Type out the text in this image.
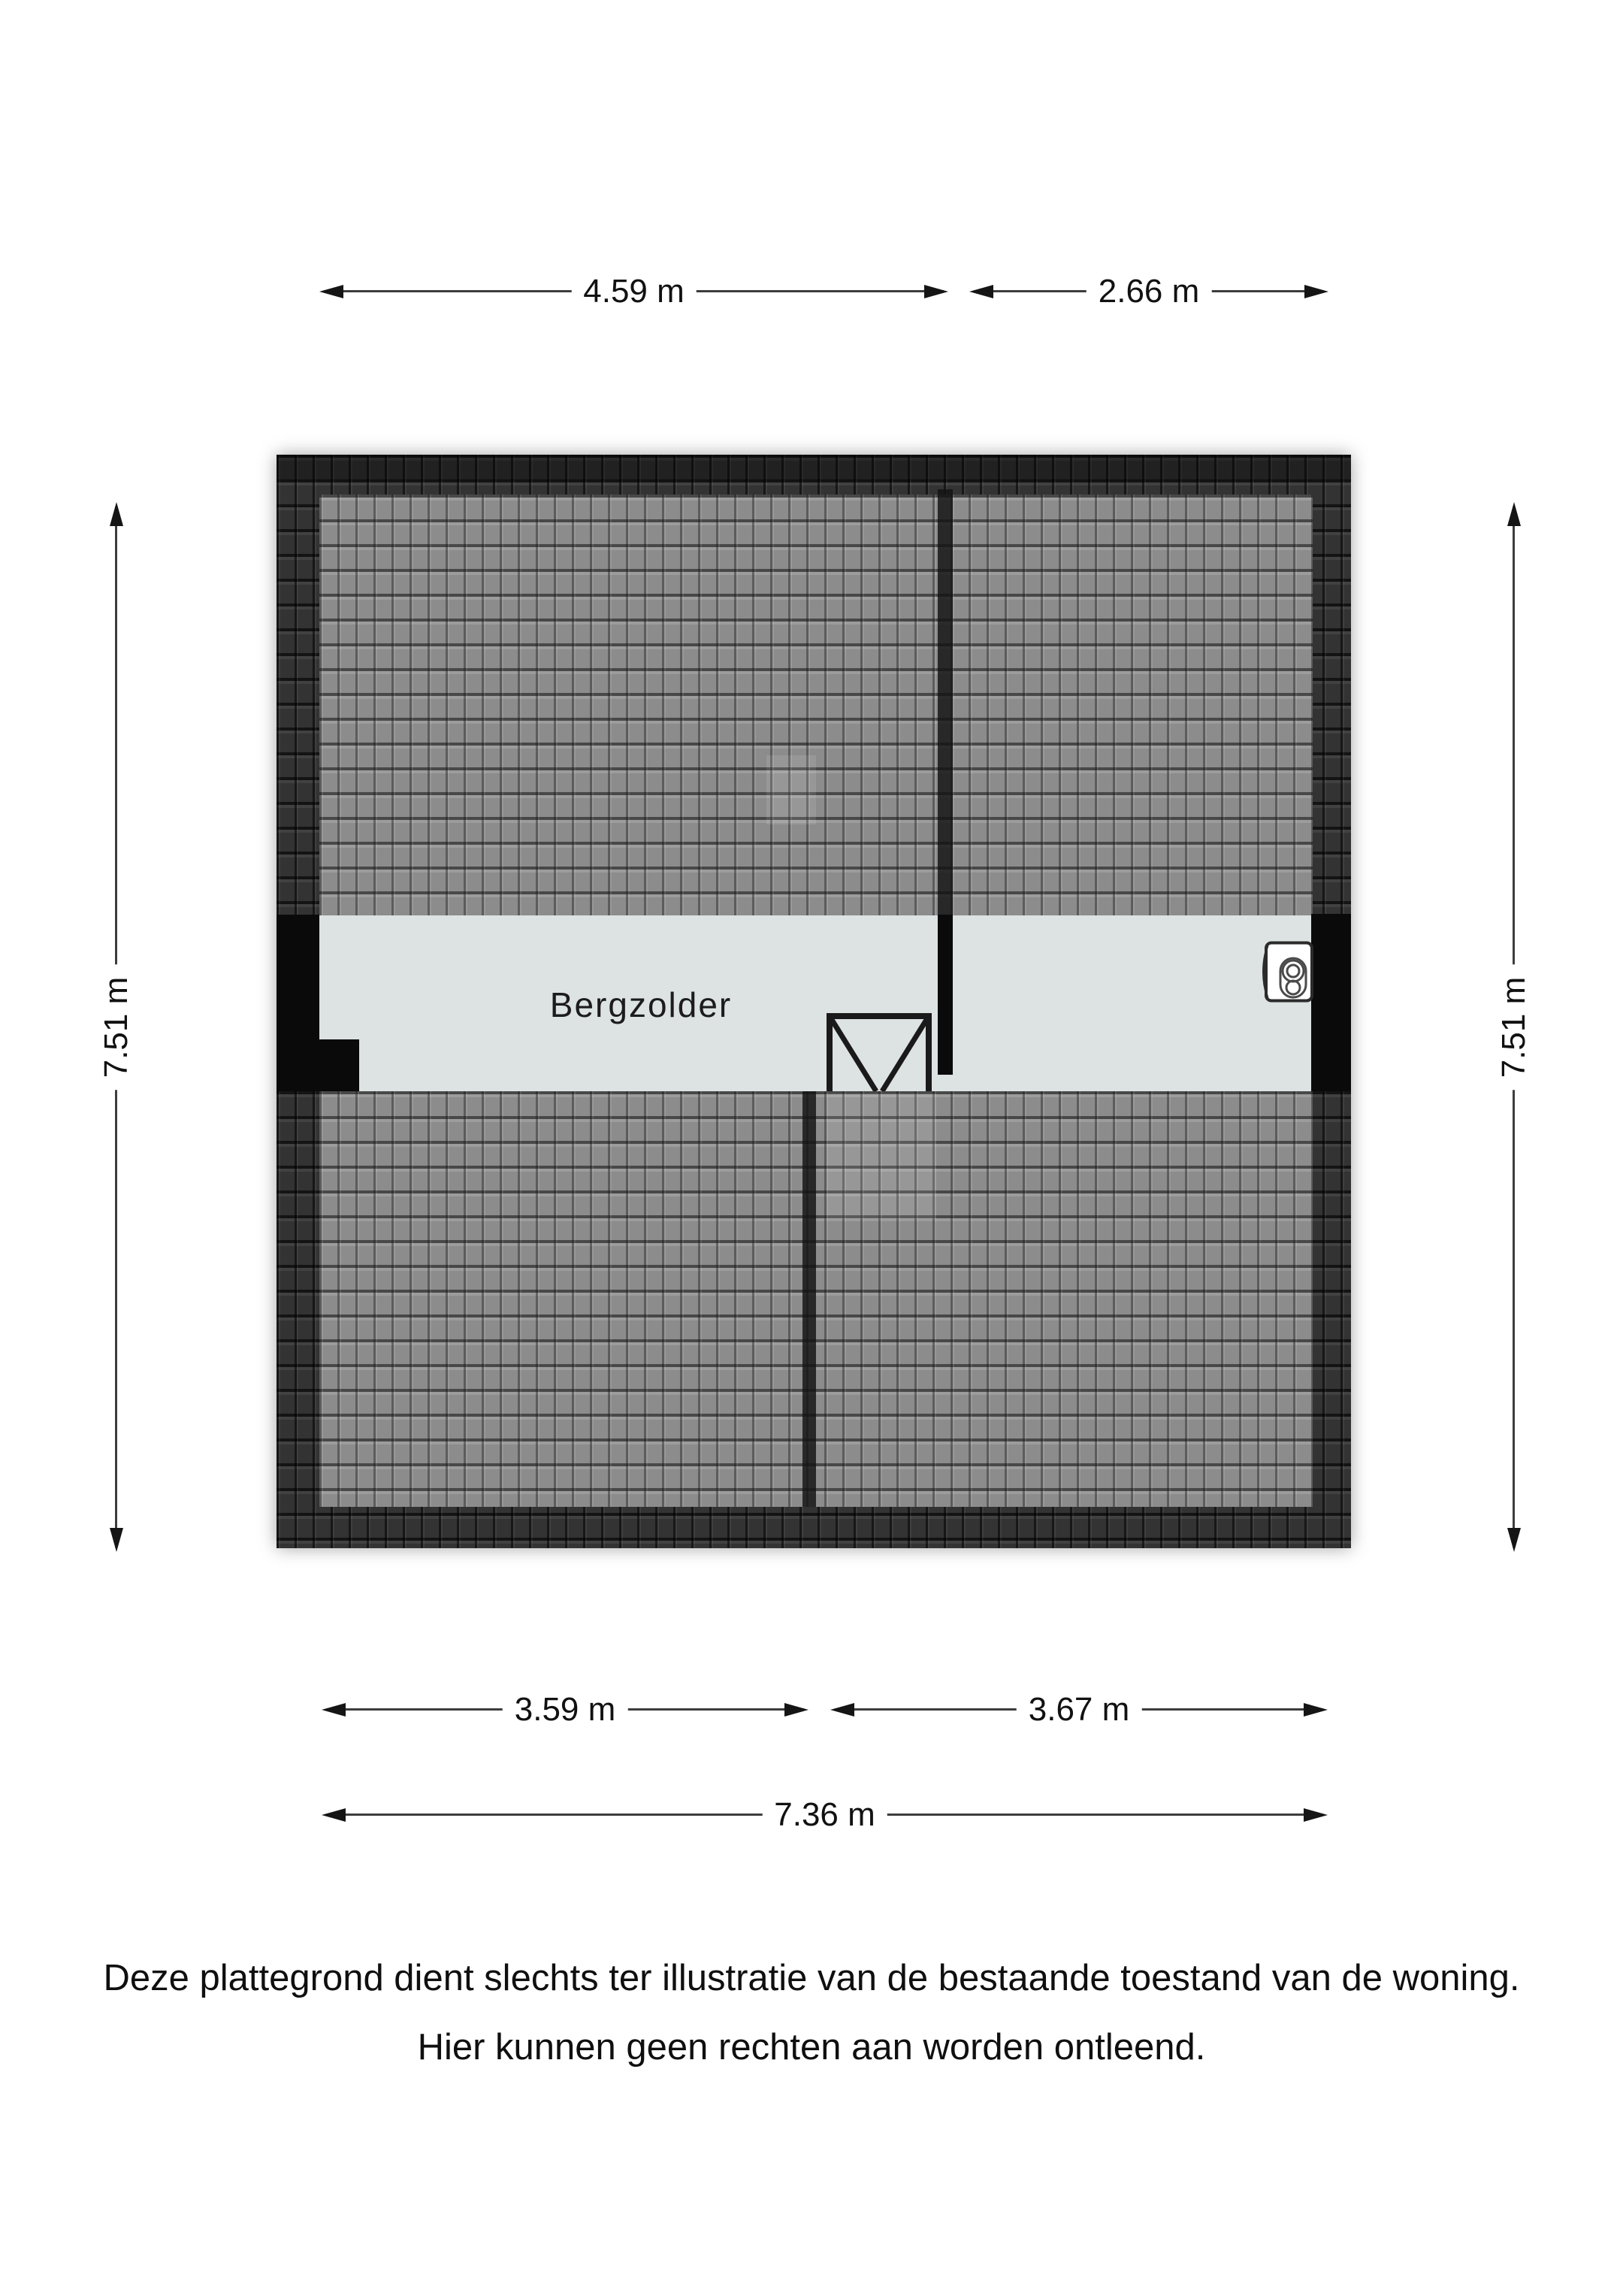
Bergzolder
4.59 m	2.66 m
7.51 m	7.51 m
3.59 m	3.67 m
7.36 m
Deze plattegrond dient slechts ter illustratie van de bestaande toestand van de woning.
Hier kunnen geen rechten aan worden ontleend.
